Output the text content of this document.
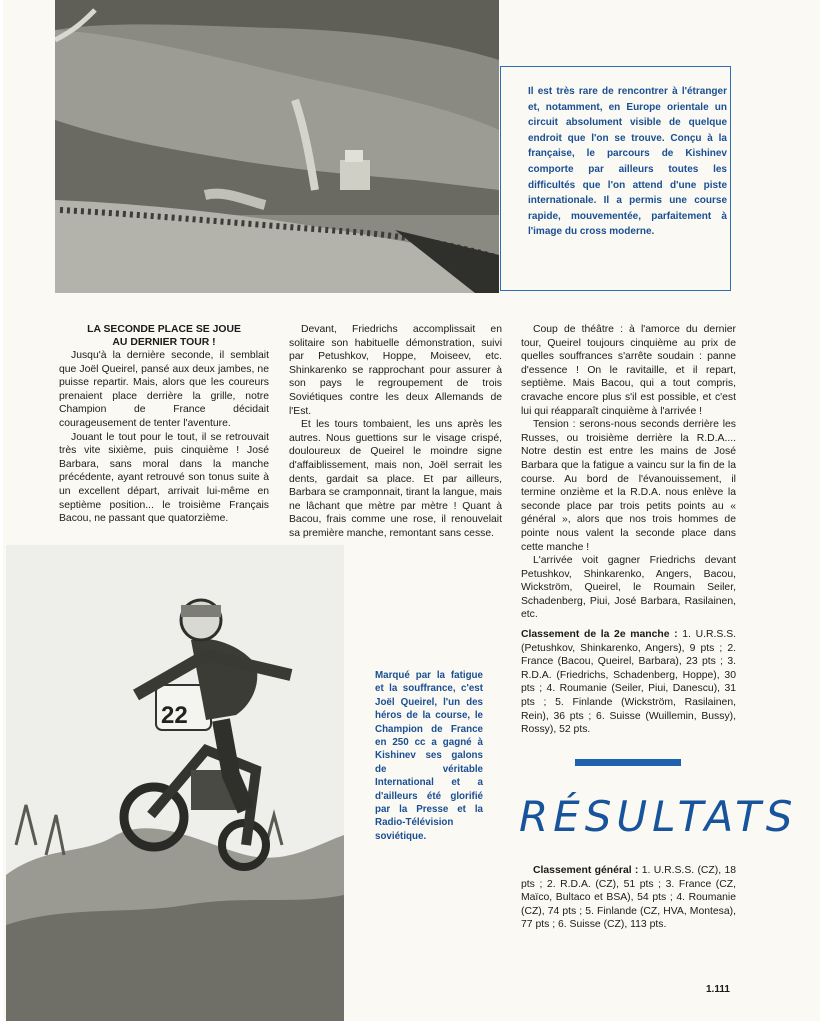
Il est très rare de rencontrer à l'étranger et, notamment, en Europe orientale un circuit absolument visible de quelque endroit que l'on se trouve. Conçu à la française, le parcours de Kishinev comporte par ailleurs toutes les difficultés que l'on attend d'une piste internationale. Il a permis une course rapide, mouvementée, parfaitement à l'image du cross moderne.

LA SECONDE PLACE SE JOUE
AU DERNIER TOUR !

Jusqu'à la dernière seconde, il semblait que Joël Queirel, pansé aux deux jambes, ne puisse repartir. Mais, alors que les coureurs prenaient place derrière la grille, notre Champion de France décidait courageusement de tenter l'aventure.

Jouant le tout pour le tout, il se retrouvait très vite sixième, puis cinquième ! José Barbara, sans moral dans la manche précédente, ayant retrouvé son tonus suite à un excellent départ, arrivait lui-même en septième position... le troisième Français Bacou, ne passant que quatorzième.

Devant, Friedrichs accomplissait en solitaire son habituelle démonstration, suivi par Petushkov, Hoppe, Moiseev, etc. Shinkarenko se rapprochant pour assurer à son pays le regroupement de trois Soviétiques contre les deux Allemands de l'Est.

Et les tours tombaient, les uns après les autres. Nous guettions sur le visage crispé, douloureux de Queirel le moindre signe d'affaiblissement, mais non, Joël serrait les dents, gardait sa place. Et par ailleurs, Barbara se cramponnait, tirant la langue, mais ne lâchant que mètre par mètre ! Quant à Bacou, frais comme une rose, il renouvelait sa première manche, remontant sans cesse.

Coup de théâtre : à l'amorce du dernier tour, Queirel toujours cinquième au prix de quelles souffrances s'arrête soudain : panne d'essence ! On le ravitaille, et il repart, septième. Mais Bacou, qui a tout compris, cravache encore plus s'il est possible, et c'est lui qui réapparaît cinquième à l'arrivée !

Tension : serons-nous seconds derrière les Russes, ou troisième derrière la R.D.A.... Notre destin est entre les mains de José Barbara que la fatigue a vaincu sur la fin de la course. Au bord de l'évanouissement, il termine onzième et la R.D.A. nous enlève la seconde place par trois petits points au « général », alors que nos trois hommes de pointe nous valent la seconde place dans cette manche !

L'arrivée voit gagner Friedrichs devant Petushkov, Shinkarenko, Angers, Bacou, Wickström, Queirel, le Roumain Seiler, Schadenberg, Piui, José Barbara, Rasilainen, etc.

Classement de la 2e manche : 1. U.R.S.S. (Petushkov, Shinkarenko, Angers), 9 pts ; 2. France (Bacou, Queirel, Barbara), 23 pts ; 3. R.D.A. (Friedrichs, Schadenberg, Hoppe), 30 pts ; 4. Roumanie (Seiler, Piui, Danescu), 31 pts ; 5. Finlande (Wickström, Rasilainen, Rein), 36 pts ; 6. Suisse (Wuillemin, Bussy), Rossy), 52 pts.

22

Marqué par la fatigue et la souffrance, c'est Joël Queirel, l'un des héros de la course, le Champion de France en 250 cc a gagné à Kishinev ses galons de véritable International et a d'ailleurs été glorifié par la Presse et la Radio-Télévision soviétique.	RÉSULTATS

Classement général : 1. U.R.S.S. (CZ), 18 pts ; 2. R.D.A. (CZ), 51 pts ; 3. France (CZ, Maïco, Bultaco et BSA), 54 pts ; 4. Roumanie (CZ), 74 pts ; 5. Finlande (CZ, HVA, Montesa), 77 pts ; 6. Suisse (CZ), 113 pts.

1.111
